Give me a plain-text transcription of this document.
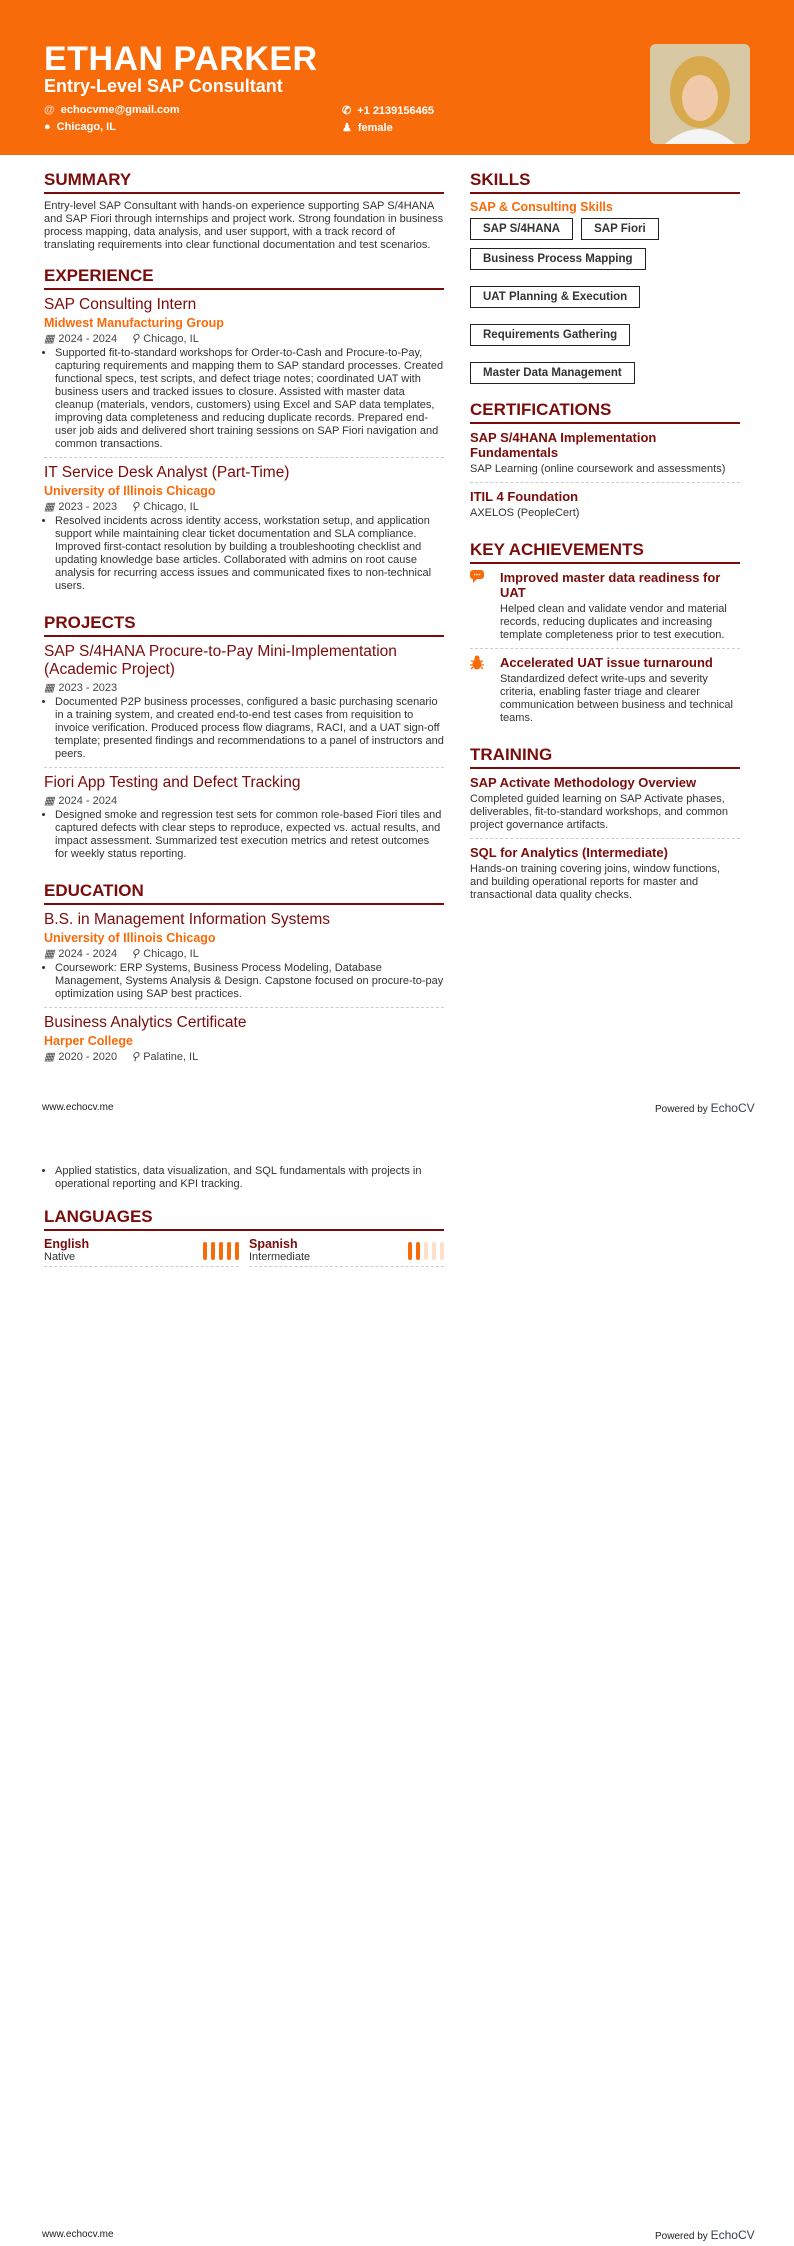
ETHAN PARKER
Entry-Level SAP Consultant
@ echocvme@gmail.com
● Chicago, IL
✆ +1 2139156465
♟ female
SUMMARY
Entry-level SAP Consultant with hands-on experience supporting SAP S/4HANA and SAP Fiori through internships and project work. Strong foundation in business process mapping, data analysis, and user support, with a track record of translating requirements into clear functional documentation and test scenarios.
EXPERIENCE
SAP Consulting Intern
Midwest Manufacturing Group
▦ 2024 - 2024 ⚲ Chicago, IL
• Supported fit-to-standard workshops for Order-to-Cash and Procure-to-Pay, capturing requirements and mapping them to SAP standard processes. Created functional specs, test scripts, and defect triage notes; coordinated UAT with business users and tracked issues to closure. Assisted with master data cleanup (materials, vendors, customers) using Excel and SAP data templates, improving data completeness and reducing duplicate records. Prepared end-user job aids and delivered short training sessions on SAP Fiori navigation and common transactions.
IT Service Desk Analyst (Part-Time)
University of Illinois Chicago
▦ 2023 - 2023 ⚲ Chicago, IL
• Resolved incidents across identity access, workstation setup, and application support while maintaining clear ticket documentation and SLA compliance. Improved first-contact resolution by building a troubleshooting checklist and updating knowledge base articles. Collaborated with admins on root cause analysis for recurring access issues and communicated fixes to non-technical users.
PROJECTS
SAP S/4HANA Procure-to-Pay Mini-Implementation (Academic Project)
▦ 2023 - 2023
• Documented P2P business processes, configured a basic purchasing scenario in a training system, and created end-to-end test cases from requisition to invoice verification. Produced process flow diagrams, RACI, and a UAT sign-off template; presented findings and recommendations to a panel of instructors and peers.
Fiori App Testing and Defect Tracking
▦ 2024 - 2024
• Designed smoke and regression test sets for common role-based Fiori tiles and captured defects with clear steps to reproduce, expected vs. actual results, and impact assessment. Summarized test execution metrics and retest outcomes for weekly status reporting.
EDUCATION
B.S. in Management Information Systems
University of Illinois Chicago
▦ 2024 - 2024 ⚲ Chicago, IL
• Coursework: ERP Systems, Business Process Modeling, Database Management, Systems Analysis & Design. Capstone focused on procure-to-pay optimization using SAP best practices.
Business Analytics Certificate
Harper College
▦ 2020 - 2020 ⚲ Palatine, IL
SKILLS
SAP & Consulting Skills
SAP S/4HANA	SAP Fiori
Business Process Mapping
UAT Planning & Execution
Requirements Gathering
Master Data Management
CERTIFICATIONS
SAP S/4HANA Implementation Fundamentals
SAP Learning (online coursework and assessments)
ITIL 4 Foundation
AXELOS (PeopleCert)
KEY ACHIEVEMENTS
Improved master data readiness for UAT
Helped clean and validate vendor and material records, reducing duplicates and increasing template completeness prior to test execution.
Accelerated UAT issue turnaround
Standardized defect write-ups and severity criteria, enabling faster triage and clearer communication between business and technical teams.
TRAINING
SAP Activate Methodology Overview
Completed guided learning on SAP Activate phases, deliverables, fit-to-standard workshops, and common project governance artifacts.
SQL for Analytics (Intermediate)
Hands-on training covering joins, window functions, and building operational reports for master and transactional data quality checks.
www.echocv.me	Powered by EchoCV
• Applied statistics, data visualization, and SQL fundamentals with projects in operational reporting and KPI tracking.
LANGUAGES
English
Native
Spanish
Intermediate
www.echocv.me	Powered by EchoCV
